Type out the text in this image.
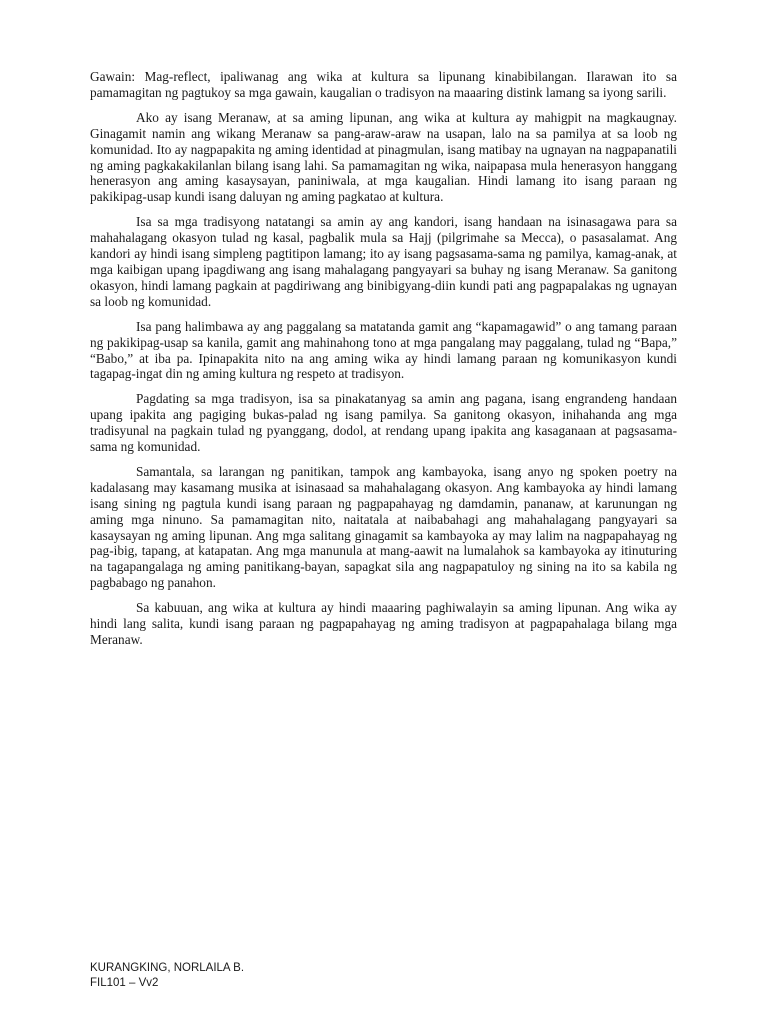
Gawain: Mag-reflect, ipaliwanag ang wika at kultura sa lipunang kinabibilangan. Ilarawan ito sa pamamagitan ng pagtukoy sa mga gawain, kaugalian o tradisyon na maaaring distink lamang sa iyong sarili.

Ako ay isang Meranaw, at sa aming lipunan, ang wika at kultura ay mahigpit na magkaugnay. Ginagamit namin ang wikang Meranaw sa pang-araw-araw na usapan, lalo na sa pamilya at sa loob ng komunidad. Ito ay nagpapakita ng aming identidad at pinagmulan, isang matibay na ugnayan na nagpapanatili ng aming pagkakakilanlan bilang isang lahi. Sa pamamagitan ng wika, naipapasa mula henerasyon hanggang henerasyon ang aming kasaysayan, paniniwala, at mga kaugalian. Hindi lamang ito isang paraan ng pakikipag-usap kundi isang daluyan ng aming pagkatao at kultura.

Isa sa mga tradisyong natatangi sa amin ay ang kandori, isang handaan na isinasagawa para sa mahahalagang okasyon tulad ng kasal, pagbalik mula sa Hajj (pilgrimahe sa Mecca), o pasasalamat. Ang kandori ay hindi isang simpleng pagtitipon lamang; ito ay isang pagsasama-sama ng pamilya, kamag-anak, at mga kaibigan upang ipagdiwang ang isang mahalagang pangyayari sa buhay ng isang Meranaw. Sa ganitong okasyon, hindi lamang pagkain at pagdiriwang ang binibigyang-diin kundi pati ang pagpapalakas ng ugnayan sa loob ng komunidad.

Isa pang halimbawa ay ang paggalang sa matatanda gamit ang “kapamagawid” o ang tamang paraan ng pakikipag-usap sa kanila, gamit ang mahinahong tono at mga pangalang may paggalang, tulad ng “Bapa,” “Babo,” at iba pa. Ipinapakita nito na ang aming wika ay hindi lamang paraan ng komunikasyon kundi tagapag-ingat din ng aming kultura ng respeto at tradisyon.

Pagdating sa mga tradisyon, isa sa pinakatanyag sa amin ang pagana, isang engrandeng handaan upang ipakita ang pagiging bukas-palad ng isang pamilya. Sa ganitong okasyon, inihahanda ang mga tradisyunal na pagkain tulad ng pyanggang, dodol, at rendang upang ipakita ang kasaganaan at pagsasama-sama ng komunidad.

Samantala, sa larangan ng panitikan, tampok ang kambayoka, isang anyo ng spoken poetry na kadalasang may kasamang musika at isinasaad sa mahahalagang okasyon. Ang kambayoka ay hindi lamang isang sining ng pagtula kundi isang paraan ng pagpapahayag ng damdamin, pananaw, at karunungan ng aming mga ninuno. Sa pamamagitan nito, naitatala at naibabahagi ang mahahalagang pangyayari sa kasaysayan ng aming lipunan. Ang mga salitang ginagamit sa kambayoka ay may lalim na nagpapahayag ng pag-ibig, tapang, at katapatan. Ang mga manunula at mang-aawit na lumalahok sa kambayoka ay itinuturing na tagapangalaga ng aming panitikang-bayan, sapagkat sila ang nagpapatuloy ng sining na ito sa kabila ng pagbabago ng panahon.

Sa kabuuan, ang wika at kultura ay hindi maaaring paghiwalayin sa aming lipunan. Ang wika ay hindi lang salita, kundi isang paraan ng pagpapahayag ng aming tradisyon at pagpapahalaga bilang mga Meranaw.

KURANGKING, NORLAILA B.
FIL101 – Vv2
